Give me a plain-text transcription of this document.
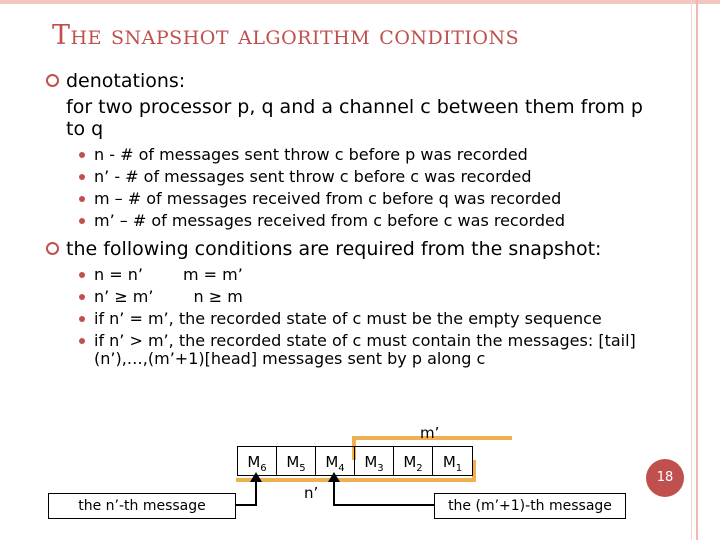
The snapshot algorithm conditions
denotations:
for two processor p, q and a channel c between them from p to q
n - # of messages sent throw c before p was recorded
n’ - # of messages sent throw c before c was recorded
m – # of messages received from c before q was recorded
m’ – # of messages received from c before c was recorded
the following conditions are required from the snapshot:
n = n’	m = m’
n’ ≥ m’	n ≥ m
if n’ = m’, the recorded state of c must be the empty sequence
if n’ > m’, the recorded state of c must contain the messages: [tail] (n’),…,(m’+1)[head] messages sent by p along c
$M_6$	$M_5$	$M_4$	$M_3$	$M_2$	$M_1$
m’
n’
the n’-th message	the (m’+1)-th message
18
